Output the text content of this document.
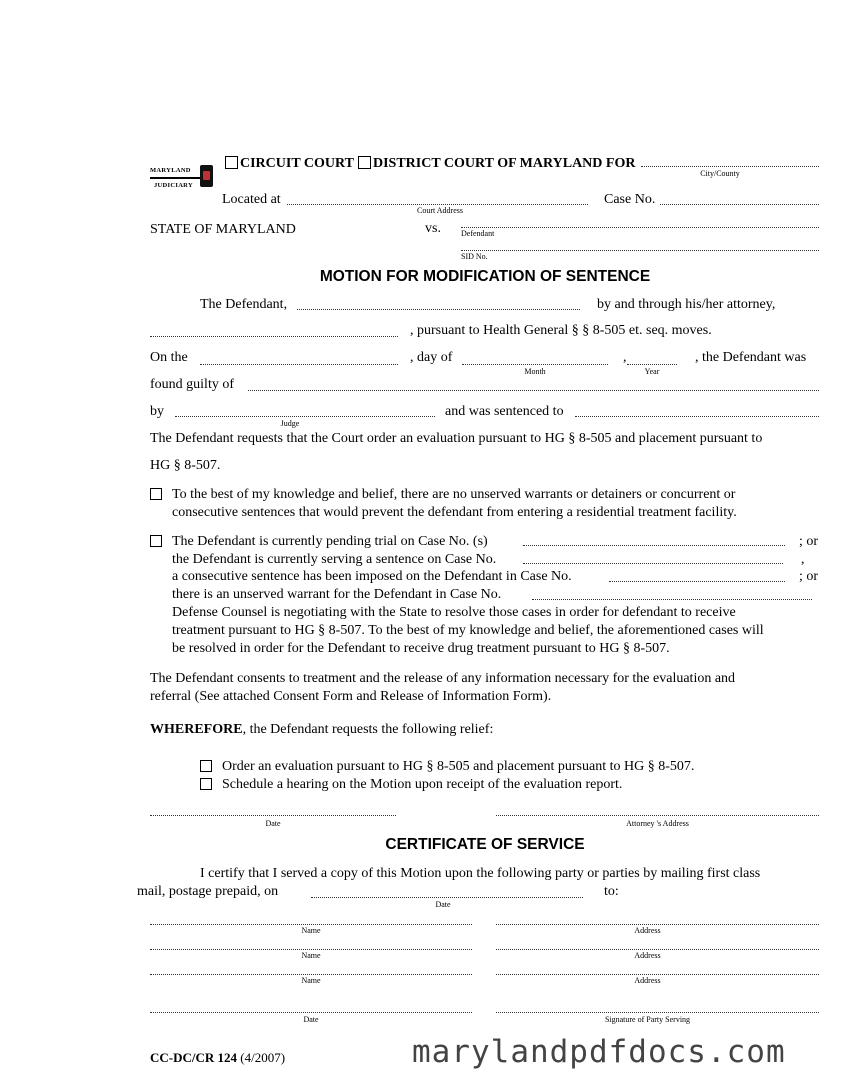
MARYLAND
JUDICIARY
CIRCUIT COURT DISTRICT COURT OF MARYLAND FOR
City/County
Located at
Court Address
Case No.
STATE OF MARYLAND	vs.	Defendant
SID No.
MOTION FOR MODIFICATION OF SENTENCE
The Defendant,	by and through his/her attorney,
, pursuant to Health General § § 8-505 et. seq. moves.
On the	, day of
Month
,
Year
, the Defendant was
found guilty of
by
Judge
and was sentenced to
The Defendant requests that the Court order an evaluation pursuant to HG § 8-505 and placement pursuant to
HG § 8-507.
To the best of my knowledge and belief, there are no unserved warrants or detainers or concurrent or
consecutive sentences that would prevent the defendant from entering a residential treatment facility.
The Defendant is currently pending trial on Case No. (s)	; or
the Defendant is currently serving a sentence on Case No.	,
a consecutive sentence has been imposed on the Defendant in Case No.	; or
there is an unserved warrant for the Defendant in Case No.
Defense Counsel is negotiating with the State to resolve those cases in order for defendant to receive
treatment pursuant to HG § 8-507. To the best of my knowledge and belief, the aforementioned cases will
be resolved in order for the Defendant to receive drug treatment pursuant to HG § 8-507.
The Defendant consents to treatment and the release of any information necessary for the evaluation and
referral (See attached Consent Form and Release of Information Form).
WHEREFORE, the Defendant requests the following relief:
Order an evaluation pursuant to HG § 8-505 and placement pursuant to HG § 8-507.
Schedule a hearing on the Motion upon receipt of the evaluation report.
Date	Attorney 's Address
CERTIFICATE OF SERVICE
I certify that I served a copy of this Motion upon the following party or parties by mailing first class
mail, postage prepaid, on
Date
to:
Name	Address
Name	Address
Name	Address
Date	Signature of Party Serving
CC-DC/CR 124 (4/2007)	marylandpdfdocs.com
